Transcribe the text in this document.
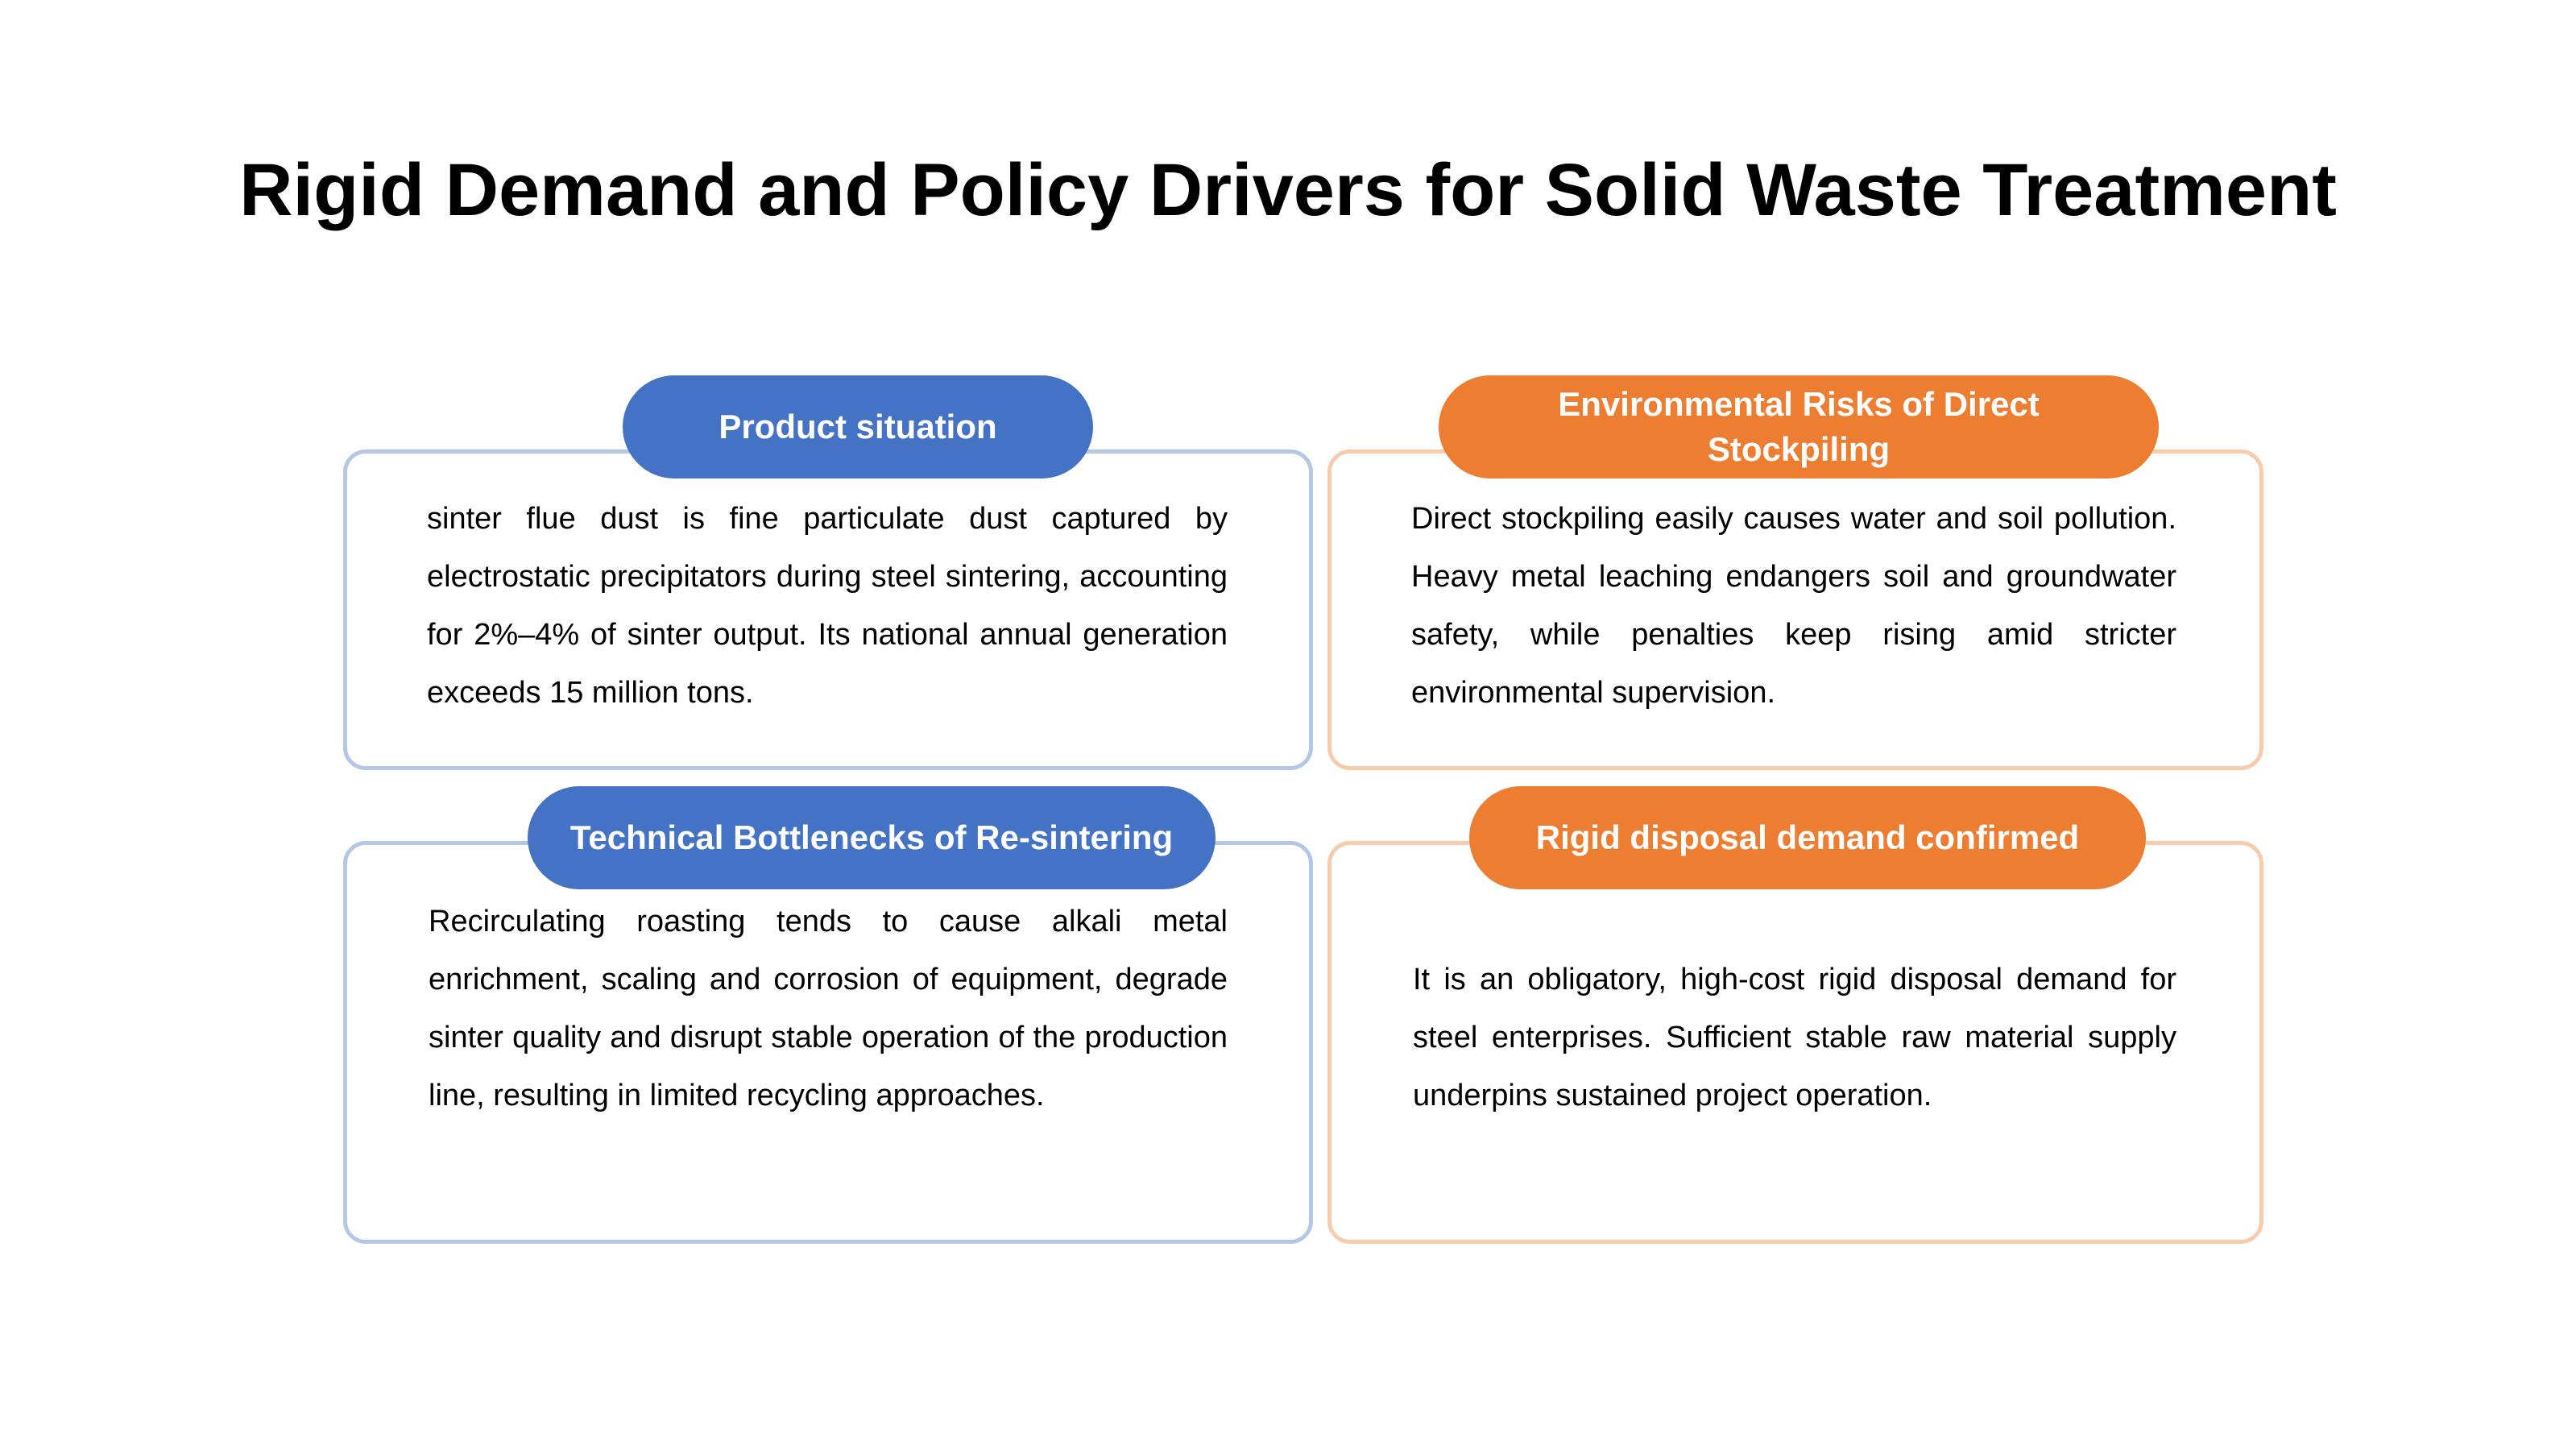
Rigid Demand and Policy Drivers for Solid Waste Treatment
Product situation

sinter flue dust is fine particulate dust captured by electrostatic precipitators during steel sintering, accounting for 2%–4% of sinter output. Its national annual generation exceeds 15 million tons.

Environmental Risks of Direct Stockpiling

Direct stockpiling easily causes water and soil pollution. Heavy metal leaching endangers soil and groundwater safety, while penalties keep rising amid stricter environmental supervision.

Technical Bottlenecks of Re-sintering

Recirculating roasting tends to cause alkali metal enrichment, scaling and corrosion of equipment, degrade sinter quality and disrupt stable operation of the production line, resulting in limited recycling approaches.

Rigid disposal demand confirmed

It is an obligatory, high-cost rigid disposal demand for steel enterprises. Sufficient stable raw material supply underpins sustained project operation.
